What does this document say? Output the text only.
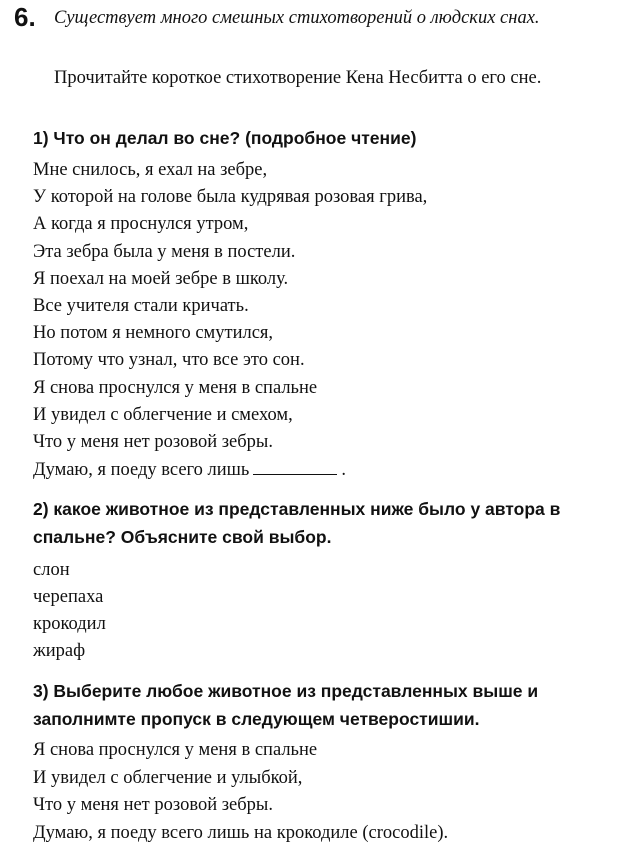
6. Существует много смешных стихотворений о людских снах.

Прочитайте короткое стихотворение Кена Несбитта о его сне.

1) Что он делал во сне? (подробное чтение)

Мне снилось, я ехал на зебре,
У которой на голове была кудрявая розовая грива,
А когда я проснулся утром,
Эта зебра была у меня в постели.
Я поехал на моей зебре в школу.
Все учителя стали кричать.
Но потом я немного смутился,
Потому что узнал, что все это сон.
Я снова проснулся у меня в спальне
И увидел с облегчение и смехом,
Что у меня нет розовой зебры.
Думаю, я поеду всего лишь	.

2) какое животное из представленных ниже было у автора в спальне? Объясните свой выбор.

слон
черепаха
крокодил
жираф

3) Выберите любое животное из представленных выше и заполнимте пропуск в следующем четверостишии.

Я снова проснулся у меня в спальне
И увидел с облегчение и улыбкой,
Что у меня нет розовой зебры.
Думаю, я поеду всего лишь на крокодиле (crocodile).
